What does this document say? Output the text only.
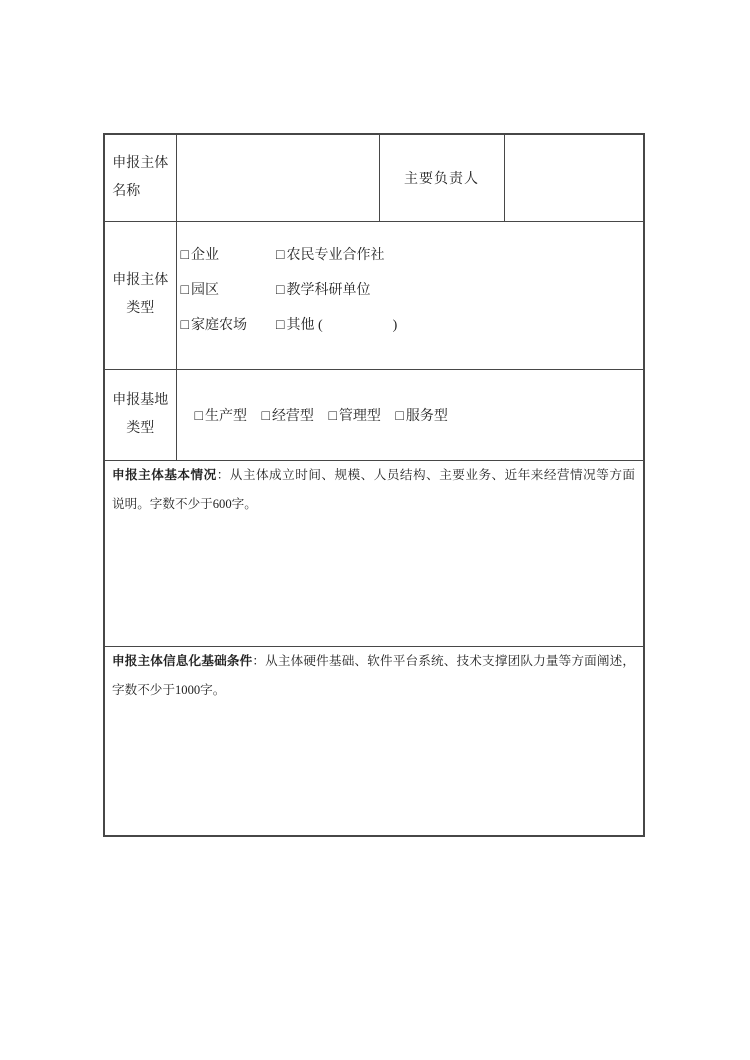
申报主体
名称		主要负责人	

申报主体
类型	
□ 企业	□ 农民专业合作社
□ 园区	□ 教学科研单位
□ 家庭农场 □ 其他 (　　　　　)

申报基地
类型	□ 生产型 □ 经营型 □ 管理型 □ 服务型		

申报主体基本情况：从主体成立时间、规模、人员结构、主要业务、近年来经营情况等方面
说明。字数不少于600字。			

申报主体信息化基础条件：从主体硬件基础、软件平台系统、技术支撑团队力量等方面阐述，
字数不少于1000字。			
